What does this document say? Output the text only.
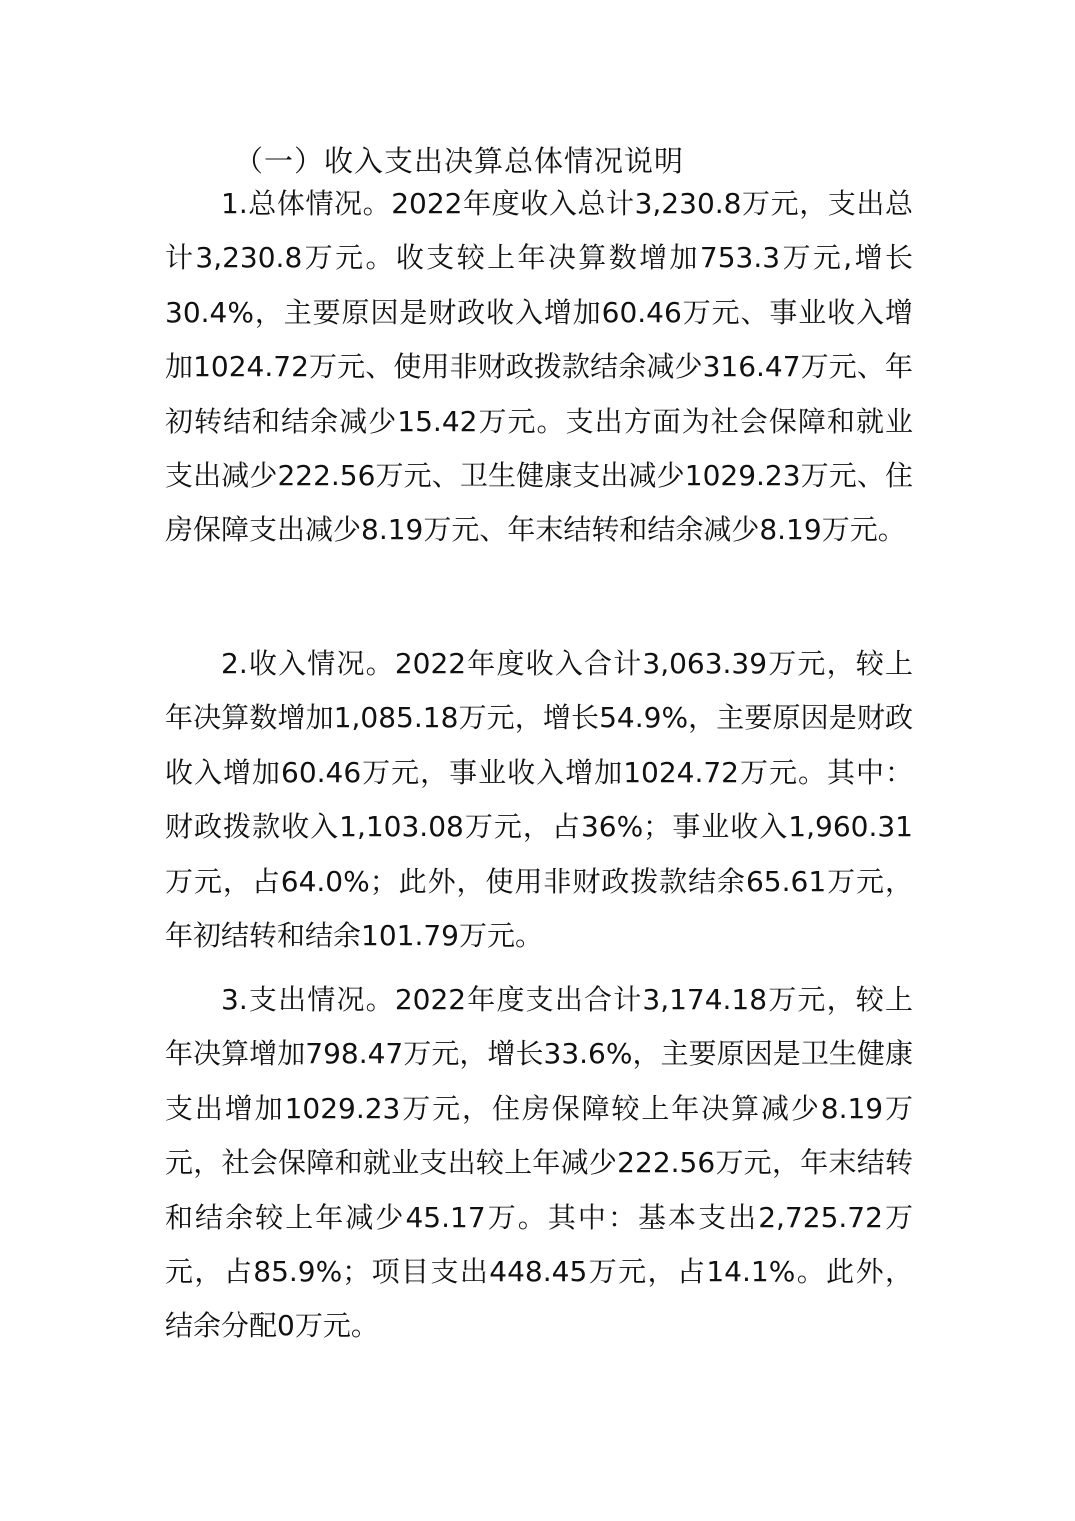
（一）收入支出决算总体情况说明

1.总体情况。2022年度收入总计3,230.8万元，支出总计3,230.8万元。收支较上年决算数增加753.3万元,增长30.4%，主要原因是财政收入增加60.46万元、事业收入增加1024.72万元、使用非财政拨款结余减少316.47万元、年初转结和结余减少15.42万元。支出方面为社会保障和就业支出减少222.56万元、卫生健康支出减少1029.23万元、住房保障支出减少8.19万元、年末结转和结余减少8.19万元。

2.收入情况。2022年度收入合计3,063.39万元，较上年决算数增加1,085.18万元，增长54.9%，主要原因是财政收入增加60.46万元，事业收入增加1024.72万元。其中：财政拨款收入1,103.08万元，占36%；事业收入1,960.31万元，占64.0%；此外，使用非财政拨款结余65.61万元，年初结转和结余101.79万元。

3.支出情况。2022年度支出合计3,174.18万元，较上年决算增加798.47万元，增长33.6%，主要原因是卫生健康支出增加1029.23万元，住房保障较上年决算减少8.19万元，社会保障和就业支出较上年减少222.56万元，年末结转和结余较上年减少45.17万。其中：基本支出2,725.72万元，占85.9%；项目支出448.45万元，占14.1%。此外，结余分配0万元。
